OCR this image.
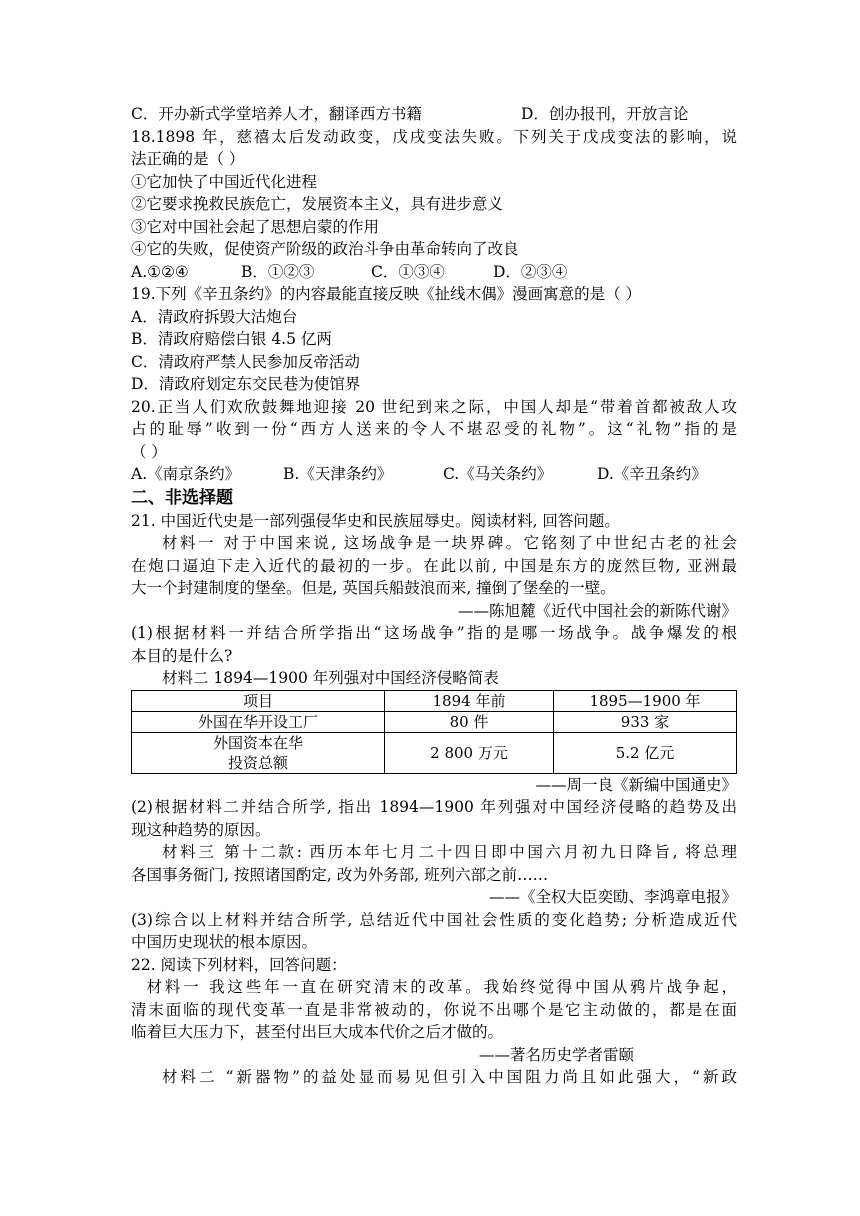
C．开办新式学堂培养人才，翻译西方书籍	D．创办报刊，开放言论
18.1898 年，慈禧太后发动政变，戊戌变法失败。下列关于戊戌变法的影响，说
法正确的是（ ）
①它加快了中国近代化进程
②它要求挽救民族危亡，发展资本主义，具有进步意义
③它对中国社会起了思想启蒙的作用
④它的失败，促使资产阶级的政治斗争由革命转向了改良
A.①②④	B．①②③	C．①③④	D．②③④
19.下列《辛丑条约》的内容最能直接反映《扯线木偶》漫画寓意的是（ ）
A．清政府拆毁大沽炮台
B．清政府赔偿白银 4.5 亿两
C．清政府严禁人民参加反帝活动
D．清政府划定东交民巷为使馆界
20.正当人们欢欣鼓舞地迎接 20 世纪到来之际，中国人却是“带着首都被敌人攻
占的耻辱”收到一份“西方人送来的令人不堪忍受的礼物”。这“礼物”指的是
（ ）
A.《南京条约》	B.《天津条约》	C.《马关条约》	D.《辛丑条约》
二、非选择题
21. 中国近代史是一部列强侵华史和民族屈辱史。阅读材料, 回答问题。
材料一 对于中国来说, 这场战争是一块界碑。它铭刻了中世纪古老的社会
在炮口逼迫下走入近代的最初的一步。在此以前, 中国是东方的庞然巨物, 亚洲最
大一个封建制度的堡垒。但是, 英国兵船鼓浪而来, 撞倒了堡垒的一壁。
——陈旭麓《近代中国社会的新陈代谢》
(1)根据材料一并结合所学指出“这场战争”指的是哪一场战争。战争爆发的根
本目的是什么?
材料二 1894—1900 年列强对中国经济侵略简表
项目	1894 年前	1895—1900 年
外国在华开设工厂	80 件	933 家

外国资本在华
投资总额	2 800 万元	5.2 亿元
——周一良《新编中国通史》
(2)根据材料二并结合所学, 指出 1894—1900 年列强对中国经济侵略的趋势及出
现这种趋势的原因。
材料三 第十二款: 西历本年七月二十四日即中国六月初九日降旨, 将总理
各国事务衙门, 按照诸国酌定, 改为外务部, 班列六部之前……
——《全权大臣奕劻、李鸿章电报》
(3)综合以上材料并结合所学, 总结近代中国社会性质的变化趋势; 分析造成近代
中国历史现状的根本原因。
22. 阅读下列材料，回答问题：
材料一 我这些年一直在研究清末的改革。我始终觉得中国从鸦片战争起，
清末面临的现代变革一直是非常被动的，你说不出哪个是它主动做的，都是在面
临着巨大压力下，甚至付出巨大成本代价之后才做的。
——著名历史学者雷颐
材料二 “新器物”的益处显而易见但引入中国阻力尚且如此强大，“新政
